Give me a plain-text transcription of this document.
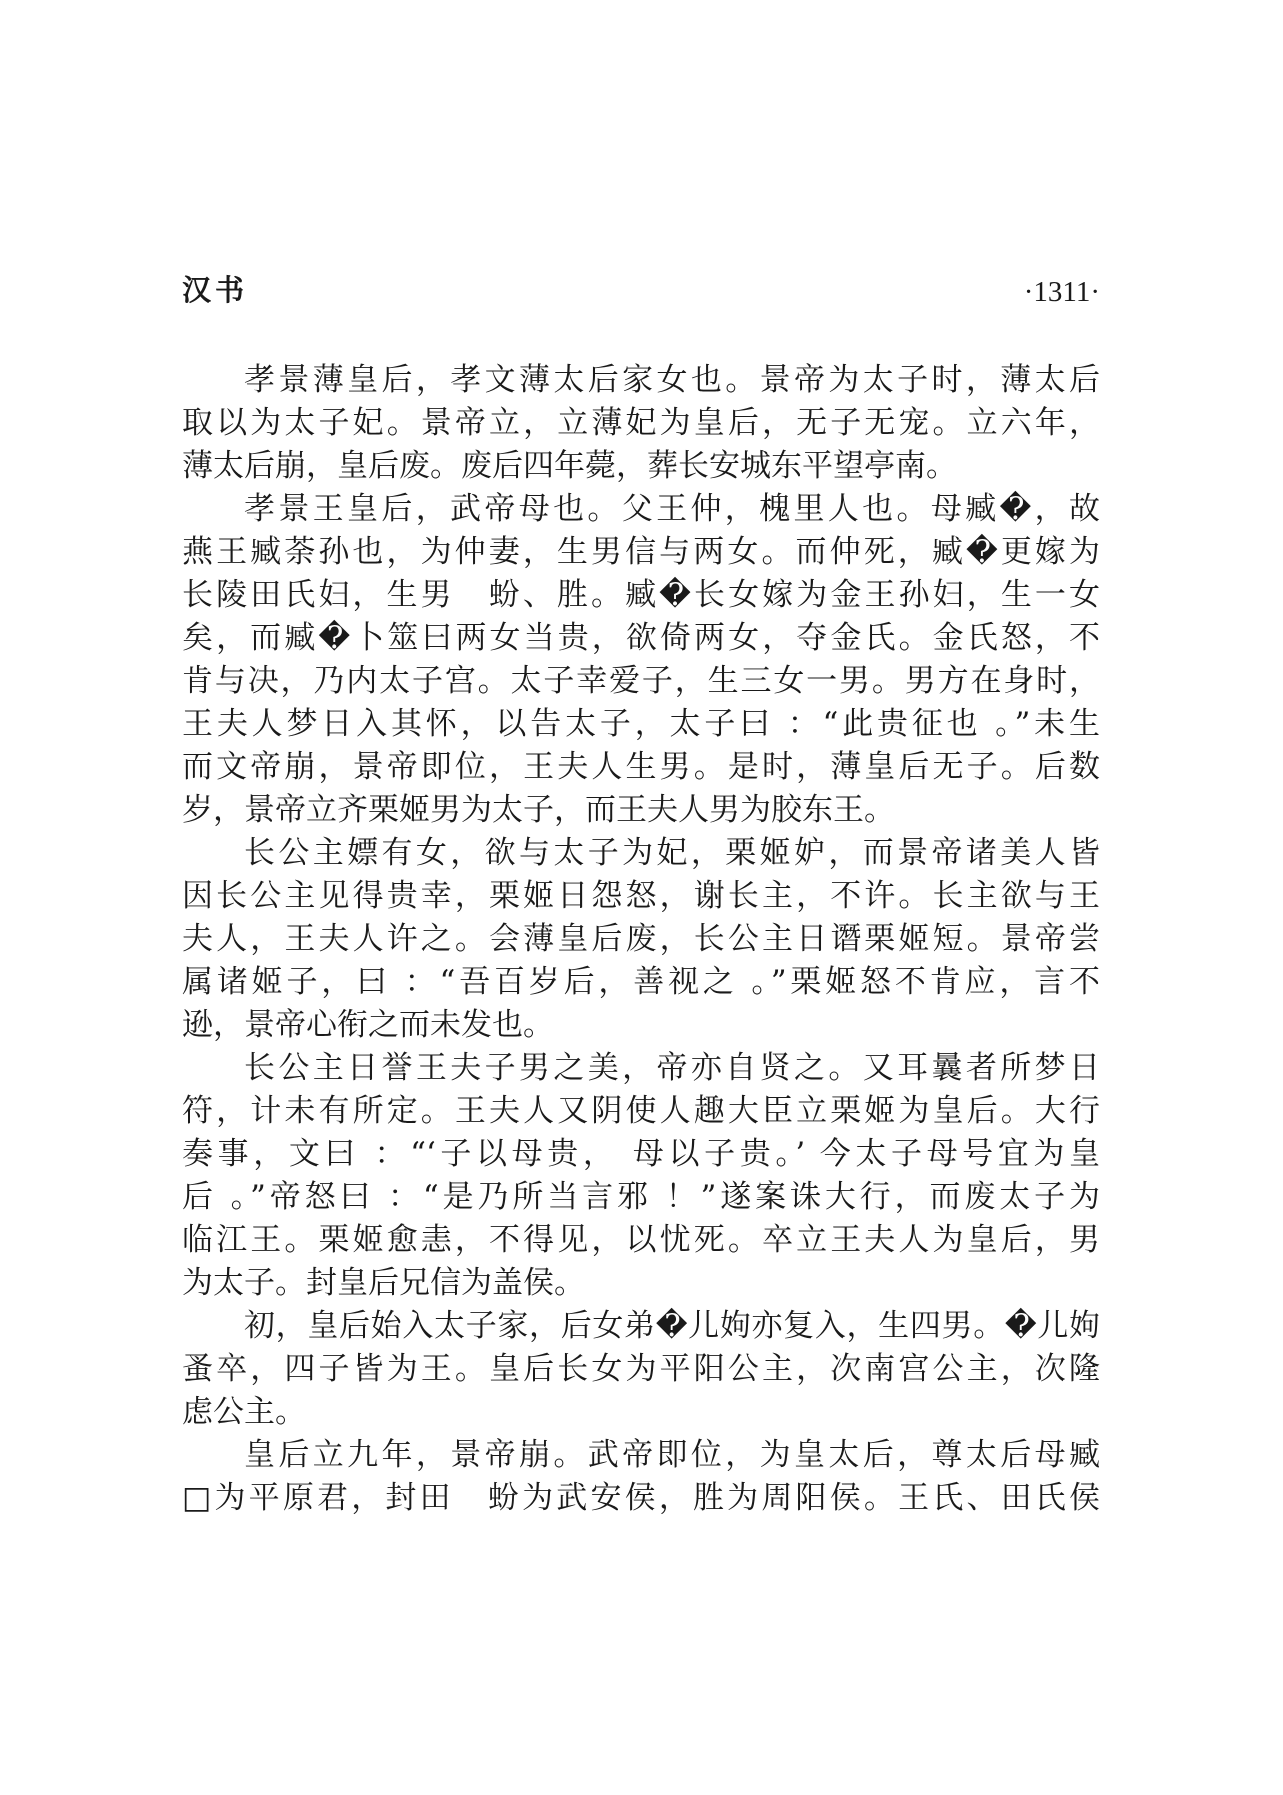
汉书	·1311·
孝景薄皇后，孝文薄太后家女也。景帝为太子时，薄太后
取以为太子妃。景帝立，立薄妃为皇后，无子无宠。立六年，
薄太后崩，皇后废。废后四年薨，葬长安城东平望亭南。
孝景王皇后，武帝母也。父王仲，槐里人也。母臧�，故
燕王臧荼孙也，为仲妻，生男信与两女。而仲死，臧�更嫁为
长陵田氏妇，生男　蚡、胜。臧�长女嫁为金王孙妇，生一女
矣，而臧�卜筮曰两女当贵，欲倚两女，夺金氏。金氏怒，不
肯与决，乃内太子宫。太子幸爱子，生三女一男。男方在身时，
王夫人梦日入其怀，以告太子，太子曰 ：“此贵征也 。”未生
而文帝崩，景帝即位，王夫人生男。是时，薄皇后无子。后数
岁，景帝立齐栗姬男为太子，而王夫人男为胶东王。
长公主嫖有女，欲与太子为妃，栗姬妒，而景帝诸美人皆
因长公主见得贵幸，栗姬日怨怒，谢长主，不许。长主欲与王
夫人，王夫人许之。会薄皇后废，长公主日谮栗姬短。景帝尝
属诸姬子，曰 ：“吾百岁后，善视之 。”栗姬怒不肯应，言不
逊，景帝心衔之而未发也。
长公主日誉王夫子男之美，帝亦自贤之。又耳曩者所梦日
符，计未有所定。王夫人又阴使人趣大臣立栗姬为皇后。大行
奏事，文曰 ：“‘子以母贵， 母以子贵。’ 今太子母号宜为皇
后 。”帝怒曰 ：“是乃所当言邪 ！”遂案诛大行，而废太子为
临江王。栗姬愈恚，不得见，以忧死。卒立王夫人为皇后，男
为太子。封皇后兄信为盖侯。
初，皇后始入太子家，后女弟�儿姁亦复入，生四男。�儿姁
蚤卒，四子皆为王。皇后长女为平阳公主，次南宫公主，次隆
虑公主。
皇后立九年，景帝崩。武帝即位，为皇太后，尊太后母臧
□为平原君，封田　蚡为武安侯，胜为周阳侯。王氏、田氏侯
